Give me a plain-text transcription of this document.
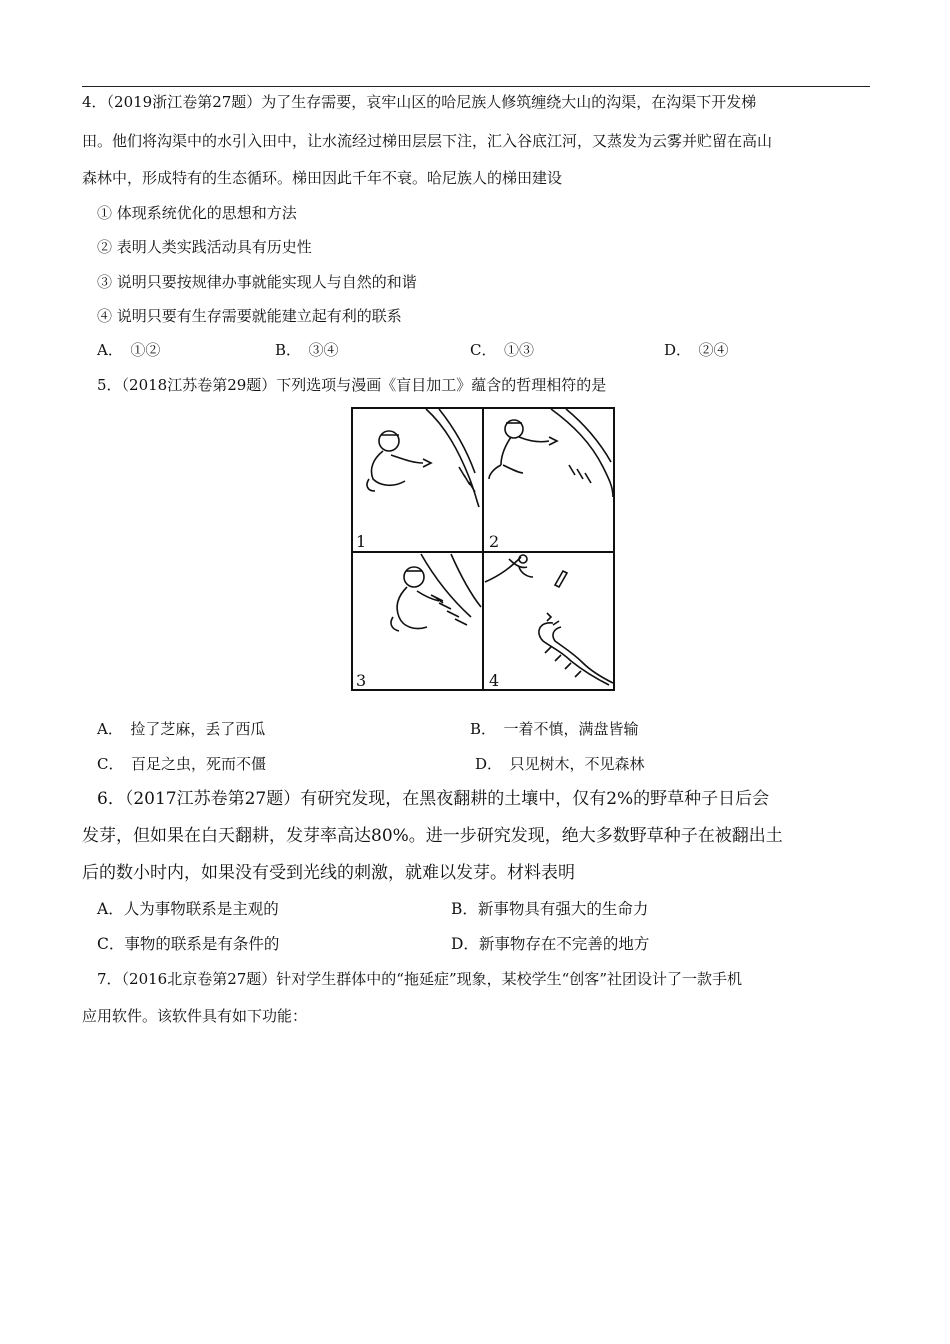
4．（2019浙江卷第27题）为了生存需要，哀牢山区的哈尼族人修筑缠绕大山的沟渠，在沟渠下开发梯
田。他们将沟渠中的水引入田中，让水流经过梯田层层下注，汇入谷底江河，又蒸发为云雾并贮留在高山
森林中，形成特有的生态循环。梯田因此千年不衰。哈尼族人的梯田建设
① 体现系统优化的思想和方法
② 表明人类实践活动具有历史性
③ 说明只要按规律办事就能实现人与自然的和谐
④ 说明只要有生存需要就能建立起有利的联系
A．　①②	B．　③④	C．　①③	D．　②④
5．（2018江苏卷第29题）下列选项与漫画《盲目加工》蕴含的哲理相符的是
1	2
3	4
A．　捡了芝麻，丢了西瓜	B．　一着不慎，满盘皆输
C．　百足之虫，死而不僵	D．　只见树木，不见森林
6．（2017江苏卷第27题）有研究发现，在黑夜翻耕的土壤中，仅有2%的野草种子日后会
发芽，但如果在白天翻耕，发芽率高达80%。进一步研究发现，绝大多数野草种子在被翻出土
后的数小时内，如果没有受到光线的刺激，就难以发芽。材料表明
A．人为事物联系是主观的	B．新事物具有强大的生命力
C．事物的联系是有条件的	D．新事物存在不完善的地方
7．（2016北京卷第27题）针对学生群体中的“拖延症”现象，某校学生“创客”社团设计了一款手机
应用软件。该软件具有如下功能：
